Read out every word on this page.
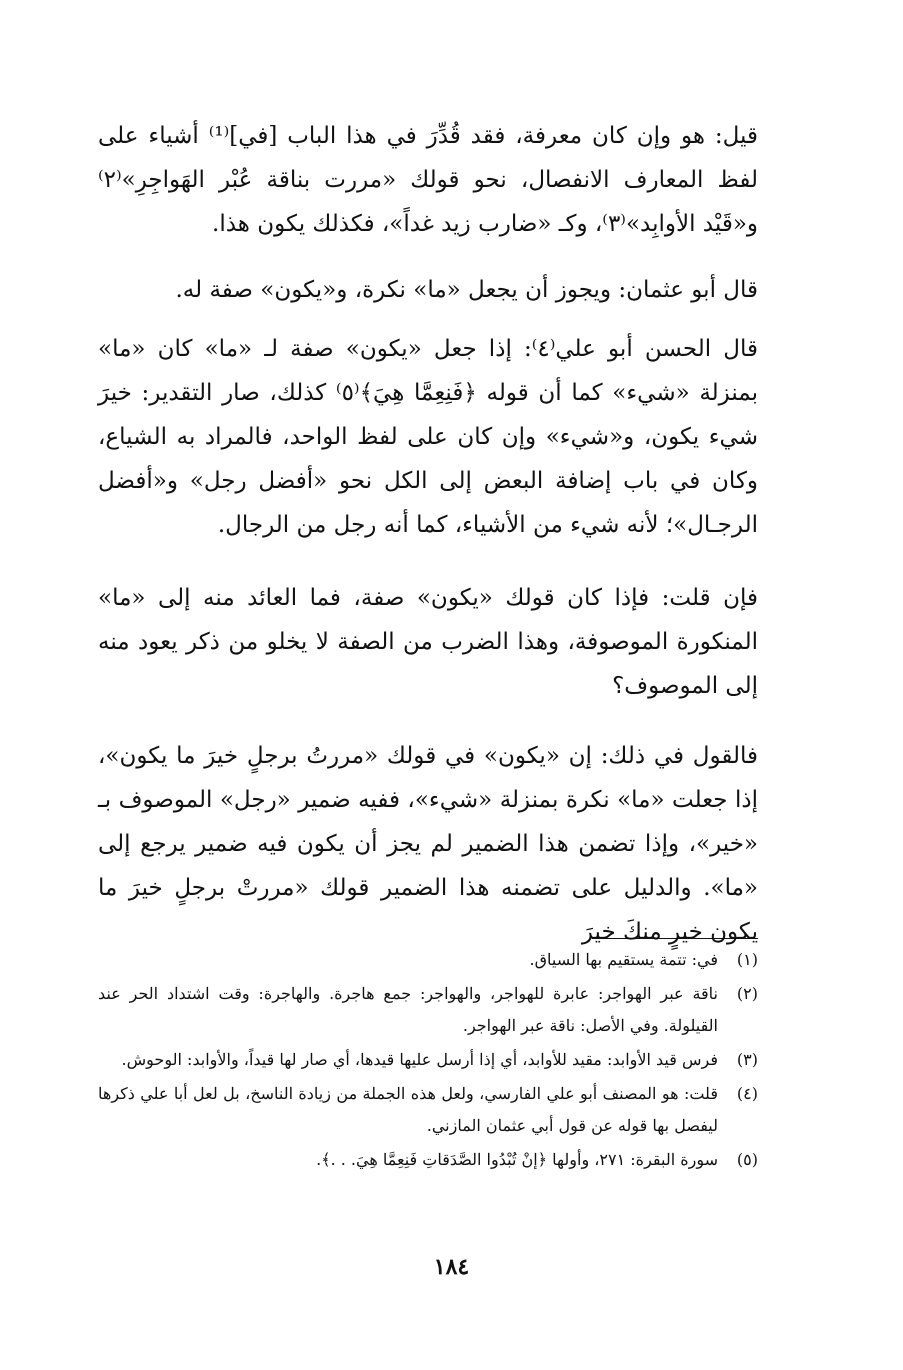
قيل: هو وإن كان معرفة، فقد قُدِّرَ في هذا الباب [في]⁽¹⁾ أشياء على لفظ المعارف الانفصال، نحو قولك «مررت بناقة عُبْر الهَواجِرِ»⁽٢⁾ و«قَيْد الأوابِد»⁽٣⁾، وكـ «ضارب زيد غداً»، فكذلك يكون هذا.

قال أبو عثمان: ويجوز أن يجعل «ما» نكرة، و«يكون» صفة له.

قال الحسن أبو علي⁽٤⁾: إذا جعل «يكون» صفة لـ «ما» كان «ما» بمنزلة «شيء» كما أن قوله ﴿فَنِعِمَّا هِيَ﴾⁽٥⁾ كذلك، صار التقدير: خيرَ شيء يكون، و«شيء» وإن كان على لفظ الواحد، فالمراد به الشياع، وكان في باب إضافة البعض إلى الكل نحو «أفضل رجل» و«أفضل الرجـال»؛ لأنه شيء من الأشياء، كما أنه رجل من الرجال.

فإن قلت: فإذا كان قولك «يكون» صفة، فما العائد منه إلى «ما» المنكورة الموصوفة، وهذا الضرب من الصفة لا يخلو من ذكر يعود منه إلى الموصوف؟

فالقول في ذلك: إن «يكون» في قولك «مررتُ برجلٍ خيرَ ما يكون»، إذا جعلت «ما» نكرة بمنزلة «شيء»، ففيه ضمير «رجل» الموصوف بـ «خير»، وإذا تضمن هذا الضمير لم يجز أن يكون فيه ضمير يرجع إلى «ما». والدليل على تضمنه هذا الضمير قولك «مررتْ برجلٍ خيرَ ما يكون خيرٍ منكَ خيرَ

(١)
في: تتمة يستقيم بها السياق.
(٢)
ناقة عبر الهواجر: عابرة للهواجر، والهواجر: جمع هاجرة. والهاجرة: وقت اشتداد الحر عند القيلولة. وفي الأصل: ناقة عبر الهواجر.
(٣)
فرس قيد الأوابد: مقيد للأوابد، أي إذا أرسل عليها قيدها، أي صار لها قيداً، والأوابد: الوحوش.
(٤)
قلت: هو المصنف أبو علي الفارسي، ولعل هذه الجملة من زيادة الناسخ، بل لعل أبا علي ذكرها ليفصل بها قوله عن قول أبي عثمان المازني.
(٥)
سورة البقرة: ٢٧١، وأولها ﴿إنْ تُبْدُوا الصَّدَقاتِ فَنِعِمَّا هِيَ. . .﴾.
١٨٤
